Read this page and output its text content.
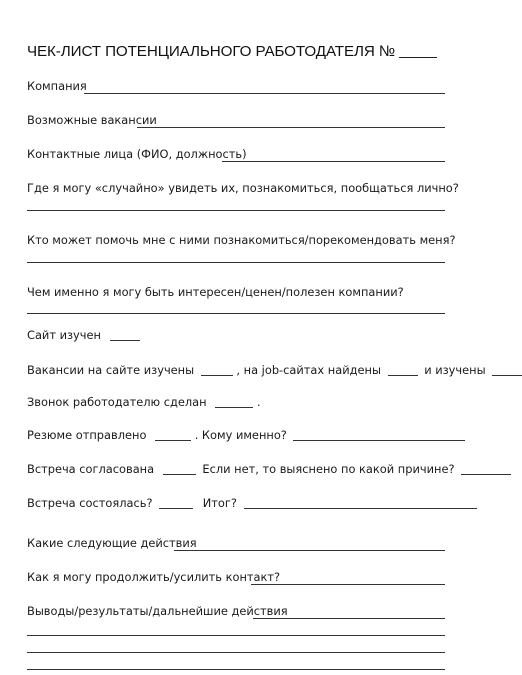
ЧЕК-ЛИСТ ПОТЕНЦИАЛЬНОГО РАБОТОДАТЕЛЯ №
Компания
Возможные вакансии
Контактные лица (ФИО, должность)
Где я могу «случайно» увидеть их, познакомиться, пообщаться лично?
Кто может помочь мне с ними познакомиться/порекомендовать меня?
Чем именно я могу быть интересен/ценен/полезен компании?
Сайт изучен
Вакансии на сайте изучены	, на job-сайтах найдены	и изучены
Звонок работодателю сделан	.
Резюме отправлено	. Кому именно?
Встреча согласована	Если нет, то выяснено по какой причине?
Встреча состоялась?	Итог?
Какие следующие действия
Как я могу продолжить/усилить контакт?
Выводы/результаты/дальнейшие действия
